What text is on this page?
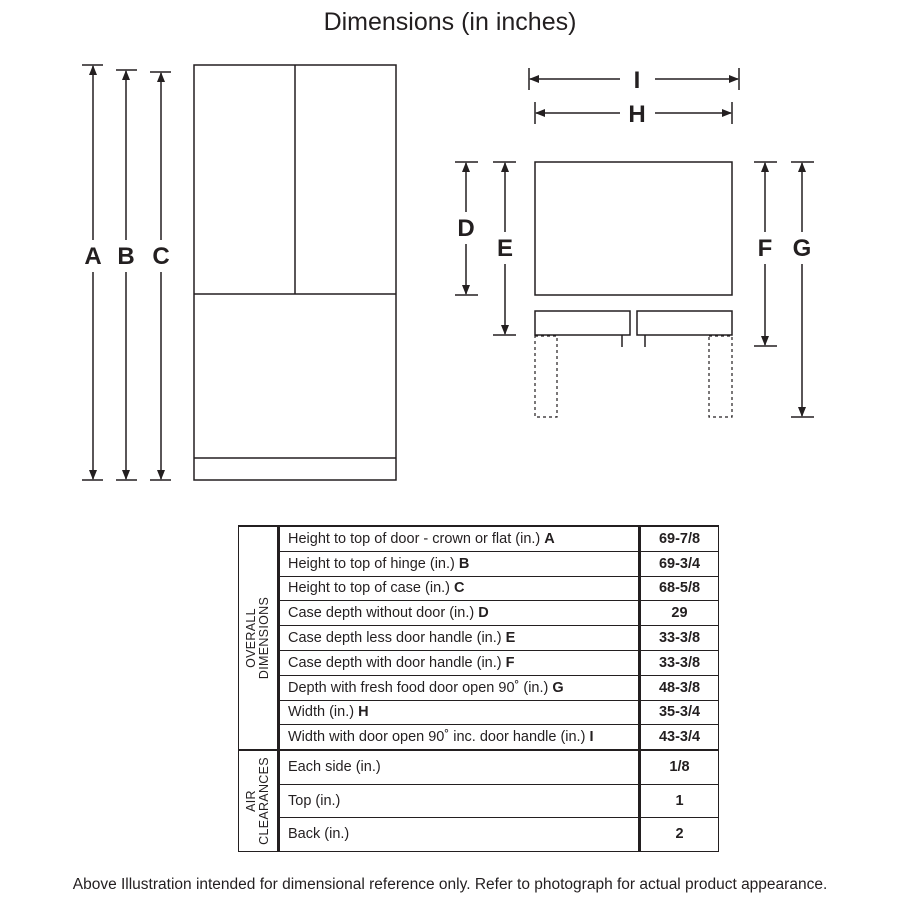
Dimensions (in inches)
A B C
I
H
D
E	F G
OVERALL
DIMENSIONS	Height to top of door - crown or flat (in.) A	69-7/8
	Height to top of hinge (in.) B	69-3/4
	Height to top of case (in.) C	68-5/8
	Case depth without door (in.) D	29
	Case depth less door handle (in.) E	33-3/8
	Case depth with door handle (in.) F	33-3/8
	Depth with fresh food door open 90˚ (in.) G	48-3/8
	Width (in.) H	35-3/4
	Width with door open 90˚ inc. door handle (in.) I	43-3/4

AIR
CLEARANCES	Each side (in.)	1/8
	Top (in.)	1
	Back (in.)	2
Above Illustration intended for dimensional reference only. Refer to photograph for actual product appearance.
